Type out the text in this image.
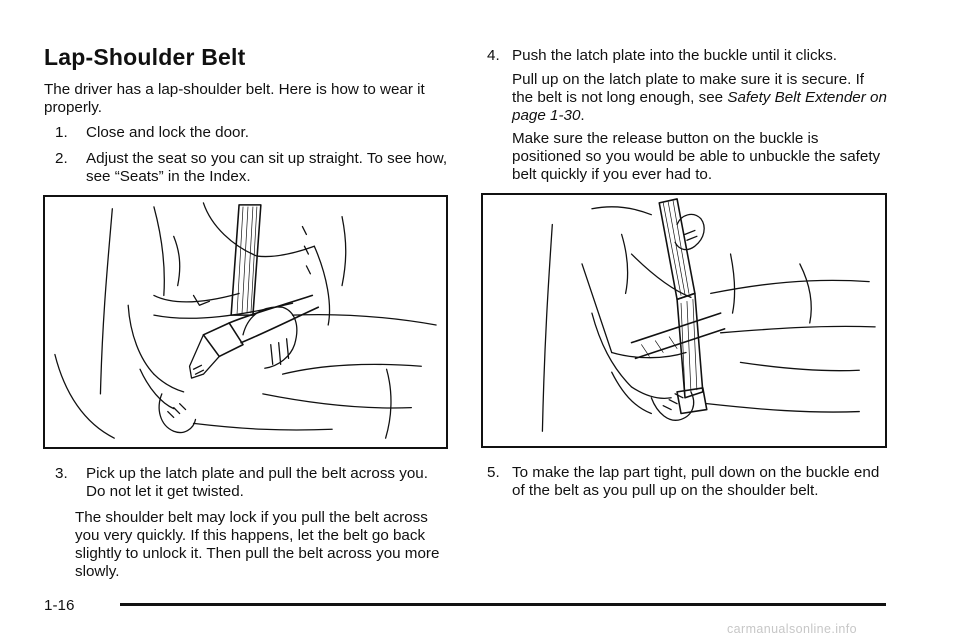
Lap-Shoulder Belt

The driver has a lap-shoulder belt. Here is how to wear it properly.

1.	Close and lock the door.

2.	Adjust the seat so you can sit up straight. To see how, see “Seats” in the Index.

3.	Pick up the latch plate and pull the belt across you. Do not let it get twisted.

The shoulder belt may lock if you pull the belt across you very quickly. If this happens, let the belt go back slightly to unlock it. Then pull the belt across you more slowly.

4. Push the latch plate into the buckle until it clicks.

Pull up on the latch plate to make sure it is secure. If the belt is not long enough, see Safety Belt Extender on page 1-30.

Make sure the release button on the buckle is positioned so you would be able to unbuckle the safety belt quickly if you ever had to.

5. To make the lap part tight, pull down on the buckle end of the belt as you pull up on the shoulder belt.

1-16
carmanualsonline.info
